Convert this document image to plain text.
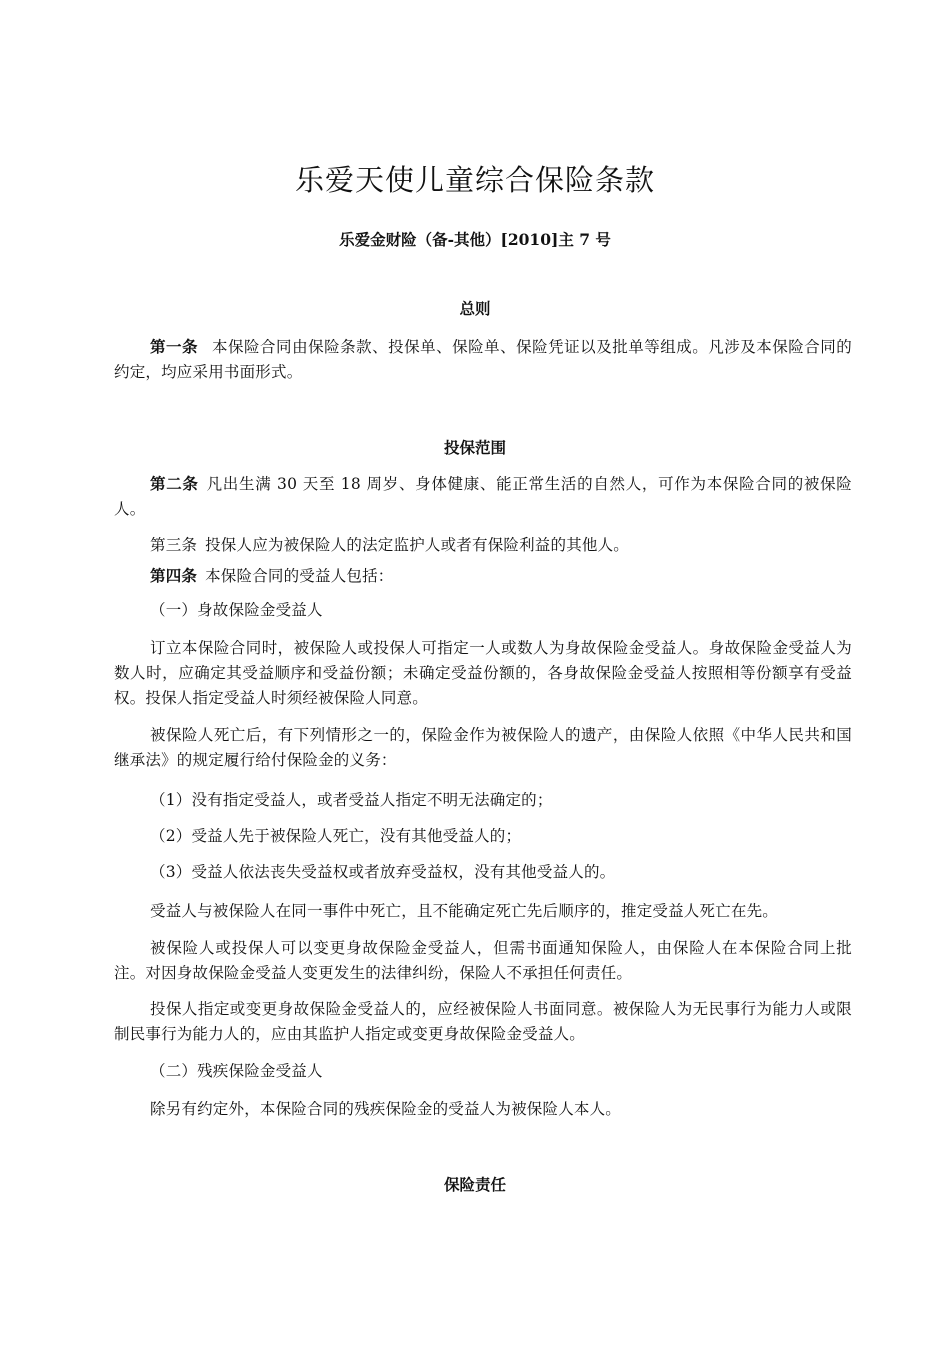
乐爱天使儿童综合保险条款
乐爱金财险（备-其他）[2010]主 7 号
总则

第一条 本保险合同由保险条款、投保单、保险单、保险凭证以及批单等组成。凡涉及本保险合同的约定，均应采用书面形式。

投保范围

第二条 凡出生满 30 天至 18 周岁、身体健康、能正常生活的自然人，可作为本保险合同的被保险人。

第三条 投保人应为被保险人的法定监护人或者有保险利益的其他人。

第四条 本保险合同的受益人包括：

（一）身故保险金受益人

订立本保险合同时，被保险人或投保人可指定一人或数人为身故保险金受益人。身故保险金受益人为数人时，应确定其受益顺序和受益份额；未确定受益份额的，各身故保险金受益人按照相等份额享有受益权。投保人指定受益人时须经被保险人同意。

被保险人死亡后，有下列情形之一的，保险金作为被保险人的遗产，由保险人依照《中华人民共和国继承法》的规定履行给付保险金的义务：

（1）没有指定受益人，或者受益人指定不明无法确定的；

（2）受益人先于被保险人死亡，没有其他受益人的；

（3）受益人依法丧失受益权或者放弃受益权，没有其他受益人的。

受益人与被保险人在同一事件中死亡，且不能确定死亡先后顺序的，推定受益人死亡在先。

被保险人或投保人可以变更身故保险金受益人，但需书面通知保险人，由保险人在本保险合同上批注。对因身故保险金受益人变更发生的法律纠纷，保险人不承担任何责任。

投保人指定或变更身故保险金受益人的，应经被保险人书面同意。被保险人为无民事行为能力人或限制民事行为能力人的，应由其监护人指定或变更身故保险金受益人。

（二）残疾保险金受益人

除另有约定外，本保险合同的残疾保险金的受益人为被保险人本人。

保险责任
